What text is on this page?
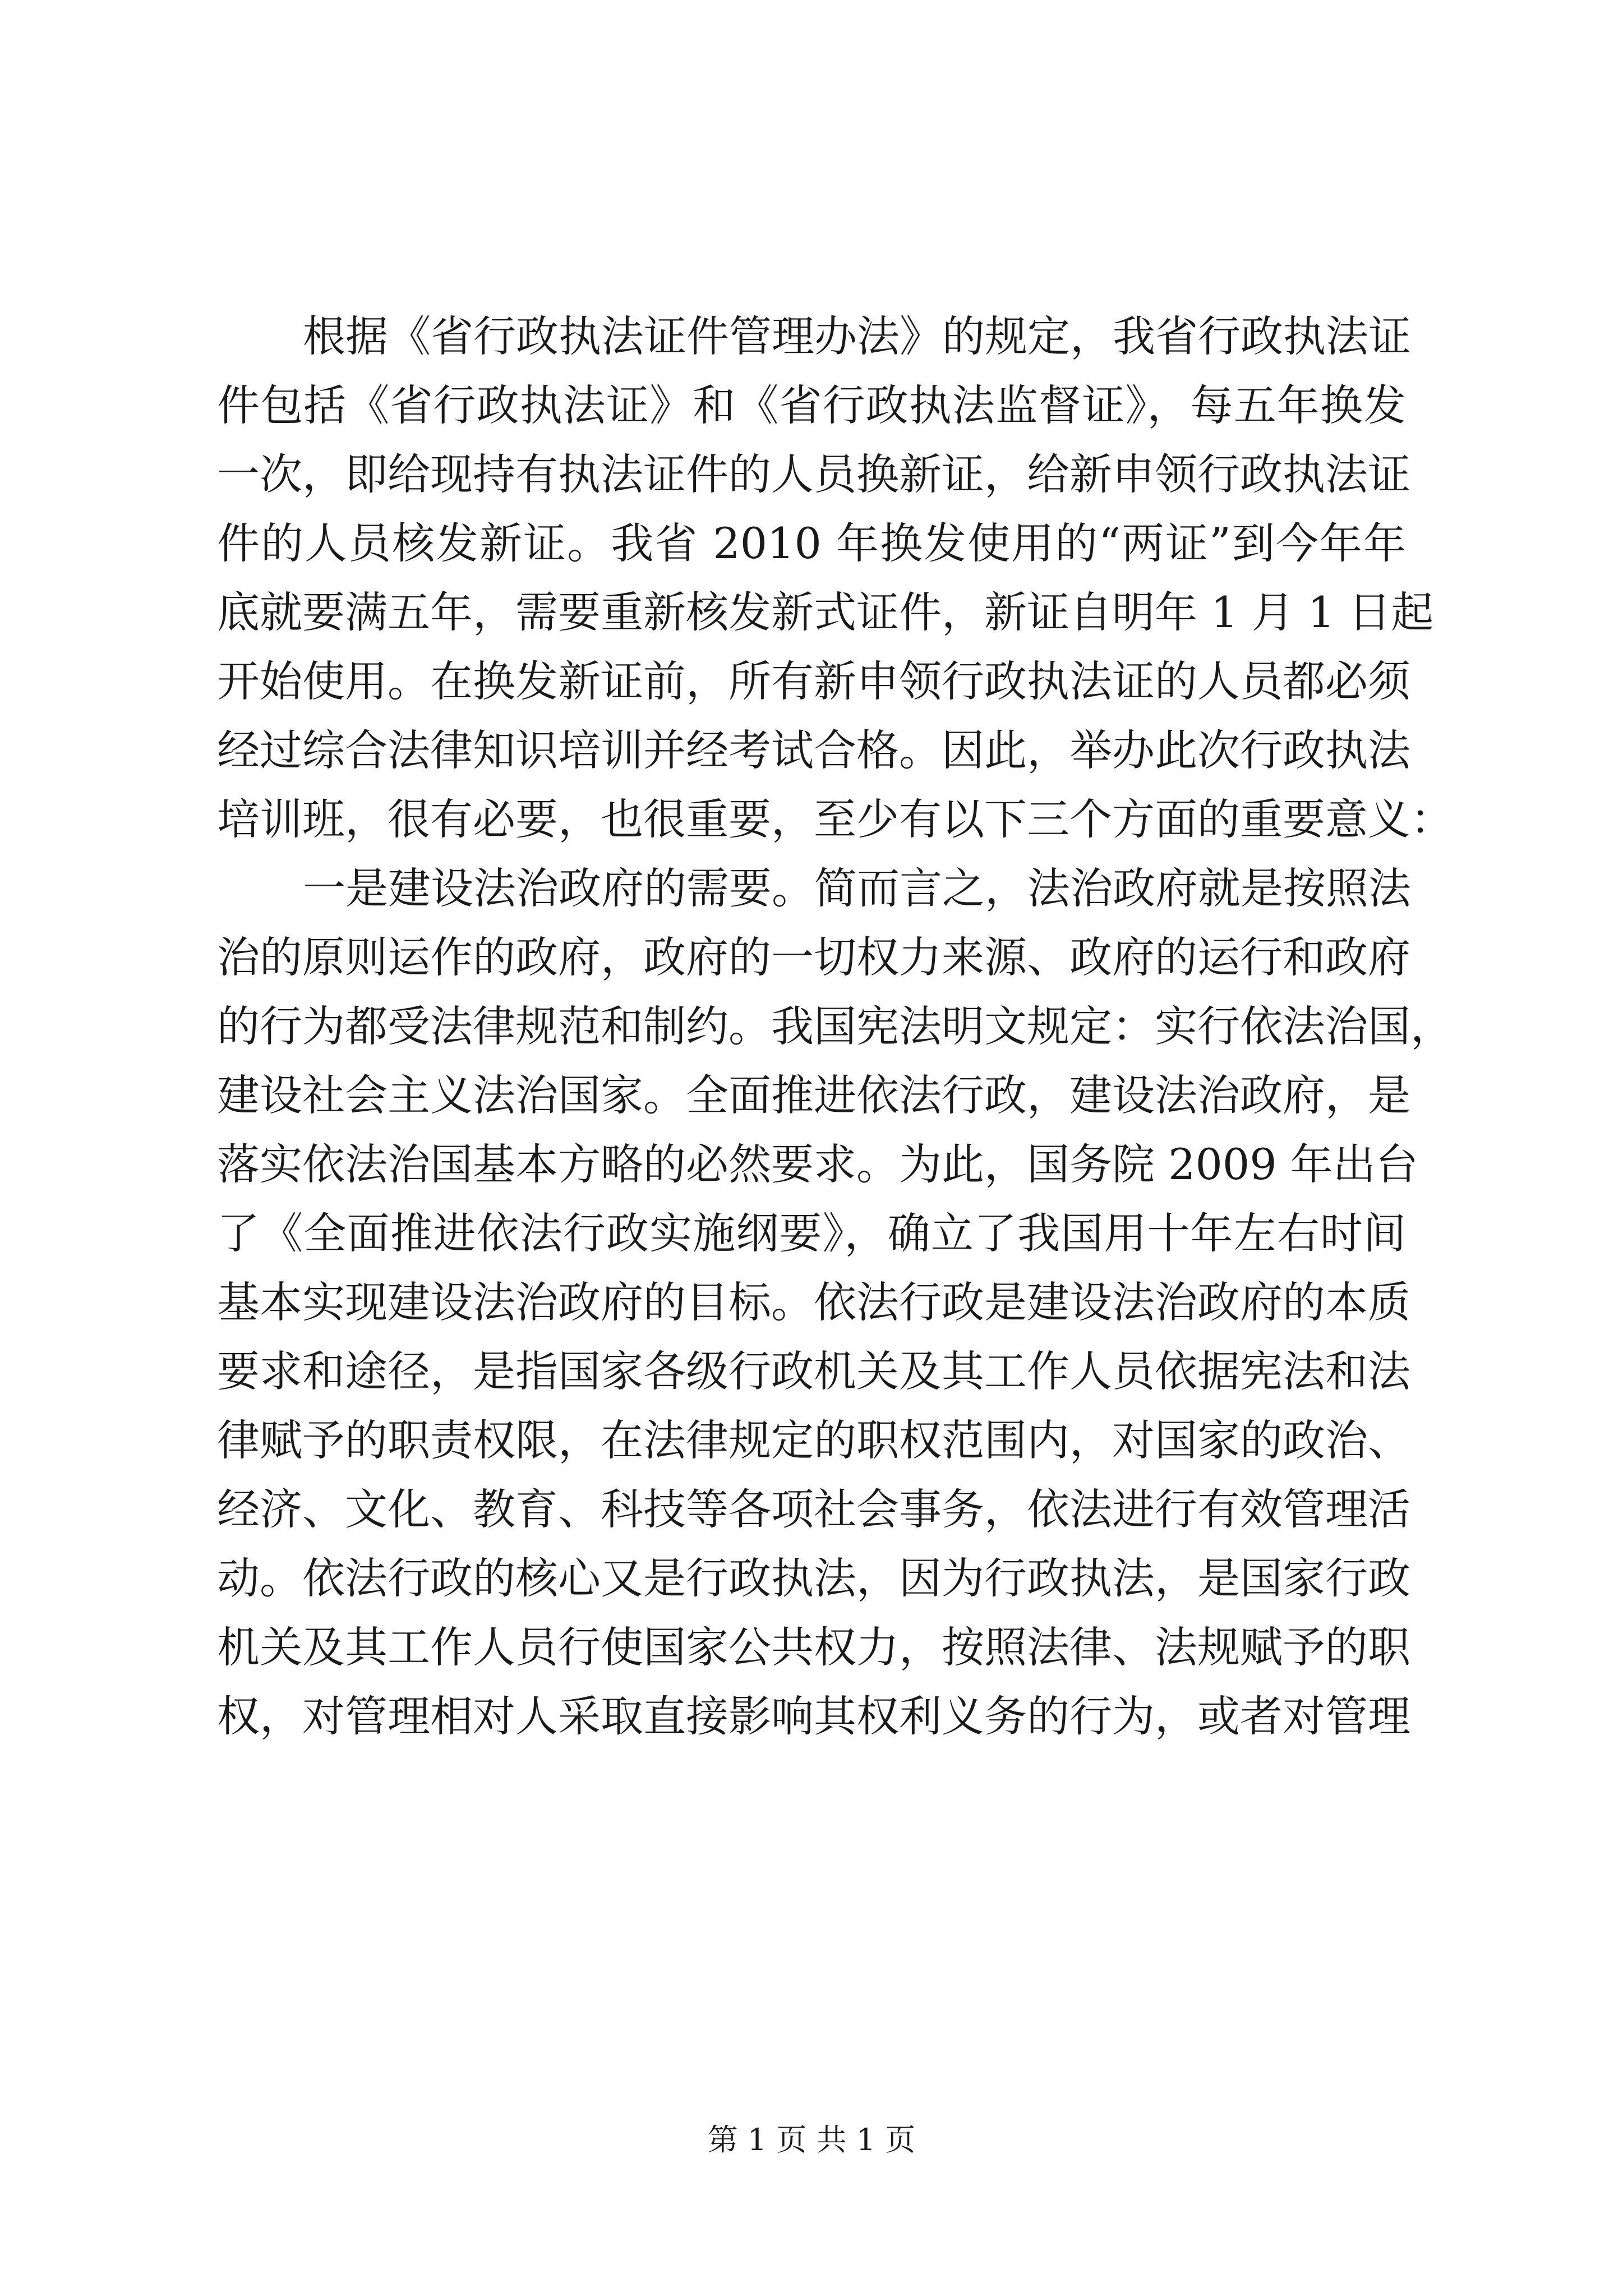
根据《省行政执法证件管理办法》的规定，我省行政执法证
件包括《省行政执法证》和《省行政执法监督证》，每五年换发
一次，即给现持有执法证件的人员换新证，给新申领行政执法证
件的人员核发新证。我省 2010 年换发使用的“两证”到今年年
底就要满五年，需要重新核发新式证件，新证自明年 1 月 1 日起
开始使用。在换发新证前，所有新申领行政执法证的人员都必须
经过综合法律知识培训并经考试合格。因此，举办此次行政执法
培训班，很有必要，也很重要，至少有以下三个方面的重要意义：
一是建设法治政府的需要。简而言之，法治政府就是按照法
治的原则运作的政府，政府的一切权力来源、政府的运行和政府
的行为都受法律规范和制约。我国宪法明文规定：实行依法治国，
建设社会主义法治国家。全面推进依法行政，建设法治政府，是
落实依法治国基本方略的必然要求。为此，国务院 2009 年出台
了《全面推进依法行政实施纲要》，确立了我国用十年左右时间
基本实现建设法治政府的目标。依法行政是建设法治政府的本质
要求和途径，是指国家各级行政机关及其工作人员依据宪法和法
律赋予的职责权限，在法律规定的职权范围内，对国家的政治、
经济、文化、教育、科技等各项社会事务，依法进行有效管理活
动。依法行政的核心又是行政执法，因为行政执法，是国家行政
机关及其工作人员行使国家公共权力，按照法律、法规赋予的职
权，对管理相对人采取直接影响其权利义务的行为，或者对管理
第 1 页 共 1 页
